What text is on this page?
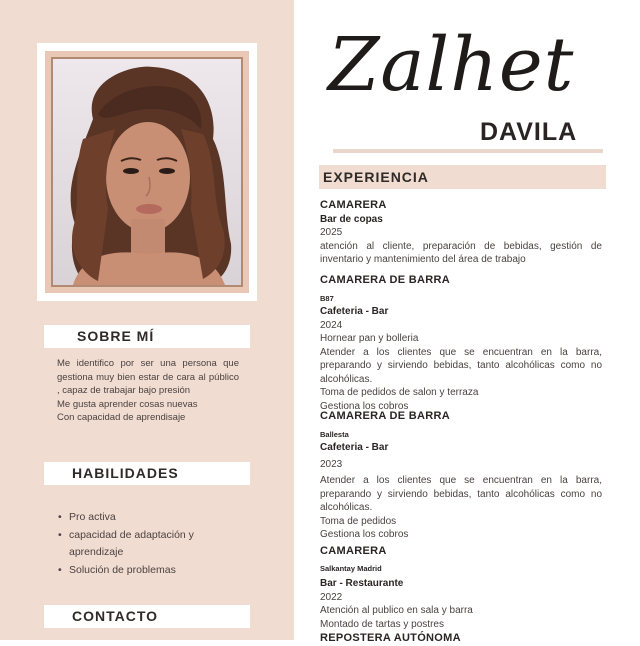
SOBRE MÍ

Me identifico por ser una persona que gestiona muy bien estar de cara al público , capaz de trabajar bajo presión

Me gusta aprender cosas nuevas

Con capacidad de aprendisaje

HABILIDADES
• Pro activa
• capacidad de adaptación y aprendizaje
• Solución de problemas
CONTACTO
Zalhet
DAVILA
EXPERIENCIA
CAMARERA
Bar de copas
2025
atención al cliente, preparación de bebidas, gestión de inventario y mantenimiento del área de trabajo
CAMARERA DE BARRA
B87
Cafeteria - Bar
2024
Hornear pan y bolleria
Atender a los clientes que se encuentran en la barra, preparando y sirviendo bebidas, tanto alcohólicas como no alcohólicas.
Toma de pedidos de salon y terraza
Gestiona los cobros
CAMARERA DE BARRA
Ballesta
Cafeteria - Bar
2023
Atender a los clientes que se encuentran en la barra, preparando y sirviendo bebidas, tanto alcohólicas como no alcohólicas.
Toma de pedidos
Gestiona los cobros
CAMARERA
Salkantay Madrid
Bar - Restaurante
2022
Atención al publico en sala y barra
Montado de tartas y postres
REPOSTERA AUTÓNOMA
